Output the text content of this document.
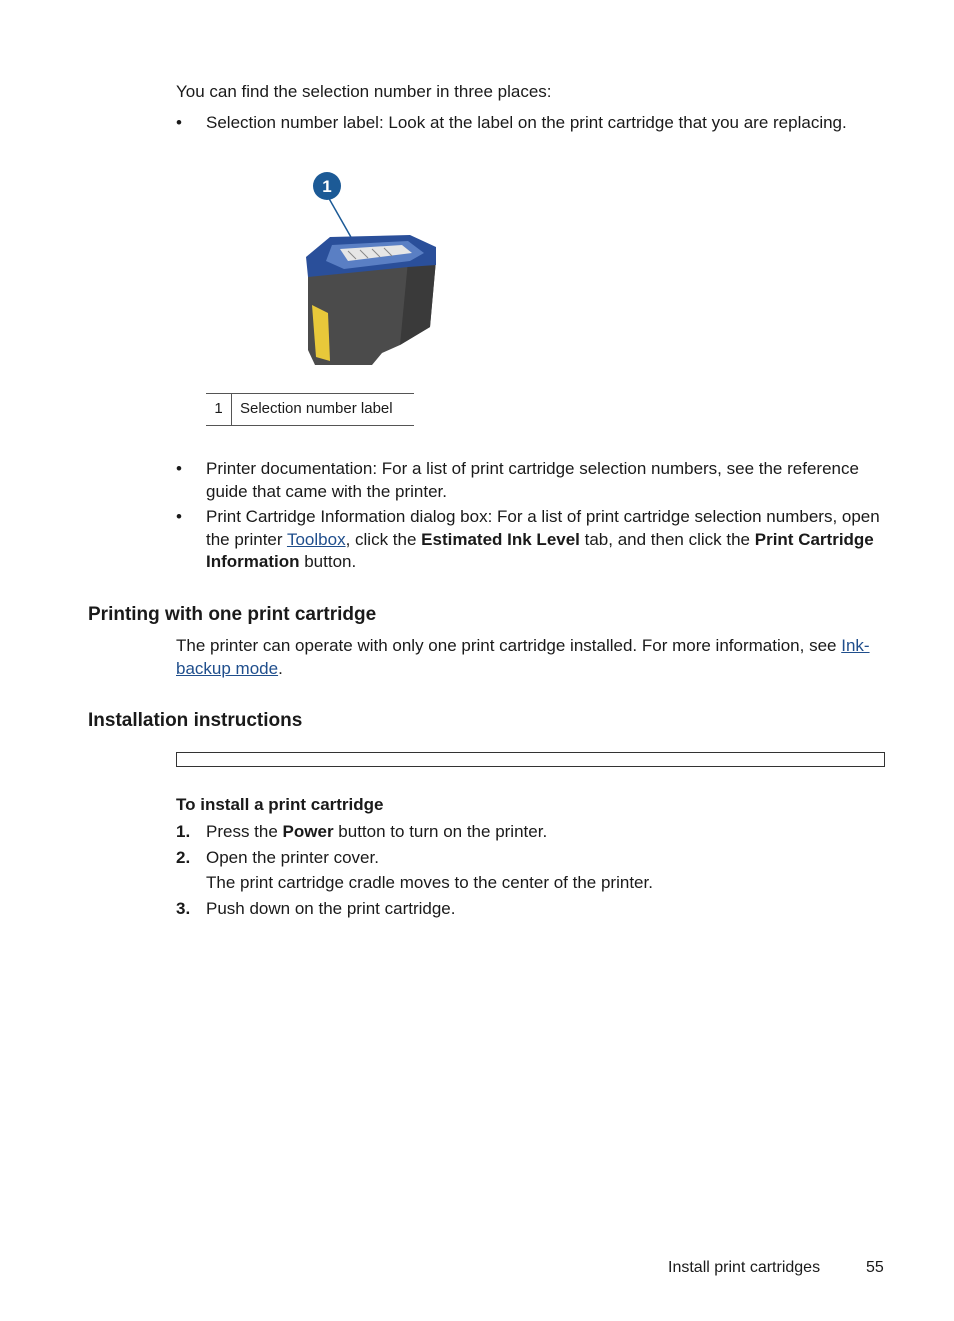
You can find the selection number in three places:
•	Selection number label: Look at the label on the print cartridge that you are replacing.
1
1	Selection number label
•	Printer documentation: For a list of print cartridge selection numbers, see the reference guide that came with the printer.
•	Print Cartridge Information dialog box: For a list of print cartridge selection numbers, open the printer Toolbox, click the Estimated Ink Level tab, and then click the Print Cartridge Information button.
Printing with one print cartridge
The printer can operate with only one print cartridge installed. For more information, see Ink-backup mode.
Installation instructions
To install a print cartridge
1. Press the Power button to turn on the printer.
2. Open the printer cover.
The print cartridge cradle moves to the center of the printer.
3. Push down on the print cartridge.
Install print cartridges	55
